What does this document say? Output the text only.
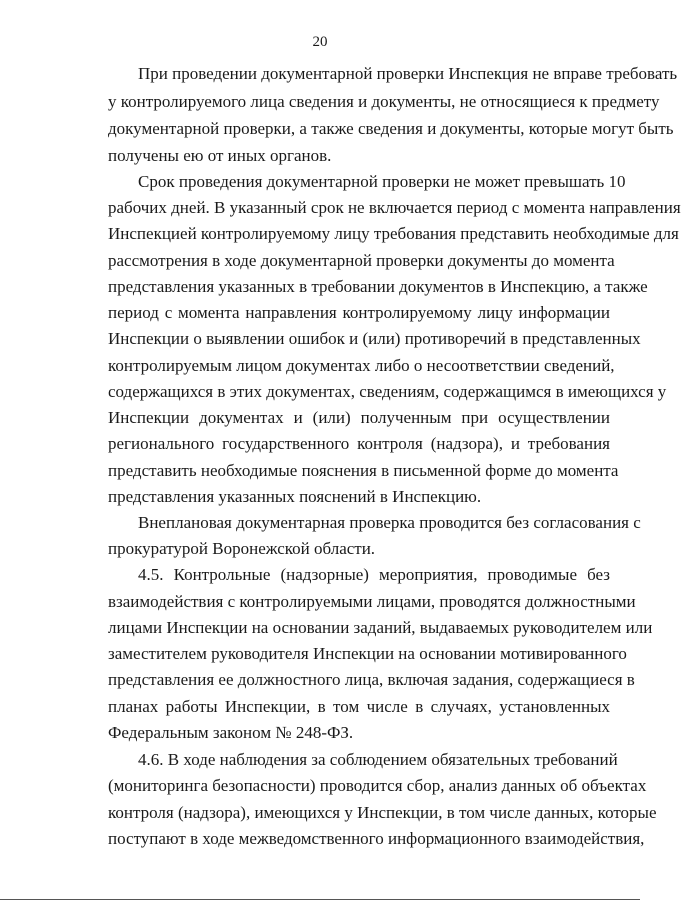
20
При проведении документарной проверки Инспекция не вправе требовать
у контролируемого лица сведения и документы, не относящиеся к предмету
документарной проверки, а также сведения и документы, которые могут быть
получены ею от иных органов.
Срок проведения документарной проверки не может превышать 10
рабочих дней. В указанный срок не включается период с момента направления
Инспекцией контролируемому лицу требования представить необходимые для
рассмотрения в ходе документарной проверки документы до момента
представления указанных в требовании документов в Инспекцию, а также
период с момента направления контролируемому лицу информации
Инспекции о выявлении ошибок и (или) противоречий в представленных
контролируемым лицом документах либо о несоответствии сведений,
содержащихся в этих документах, сведениям, содержащимся в имеющихся у
Инспекции документах и (или) полученным при осуществлении
регионального государственного контроля (надзора), и требования
представить необходимые пояснения в письменной форме до момента
представления указанных пояснений в Инспекцию.
Внеплановая документарная проверка проводится без согласования с
прокуратурой Воронежской области.
4.5. Контрольные (надзорные) мероприятия, проводимые без
взаимодействия с контролируемыми лицами, проводятся должностными
лицами Инспекции на основании заданий, выдаваемых руководителем или
заместителем руководителя Инспекции на основании мотивированного
представления ее должностного лица, включая задания, содержащиеся в
планах работы Инспекции, в том числе в случаях, установленных
Федеральным законом № 248-ФЗ.
4.6. В ходе наблюдения за соблюдением обязательных требований
(мониторинга безопасности) проводится сбор, анализ данных об объектах
контроля (надзора), имеющихся у Инспекции, в том числе данных, которые
поступают в ходе межведомственного информационного взаимодействия,
